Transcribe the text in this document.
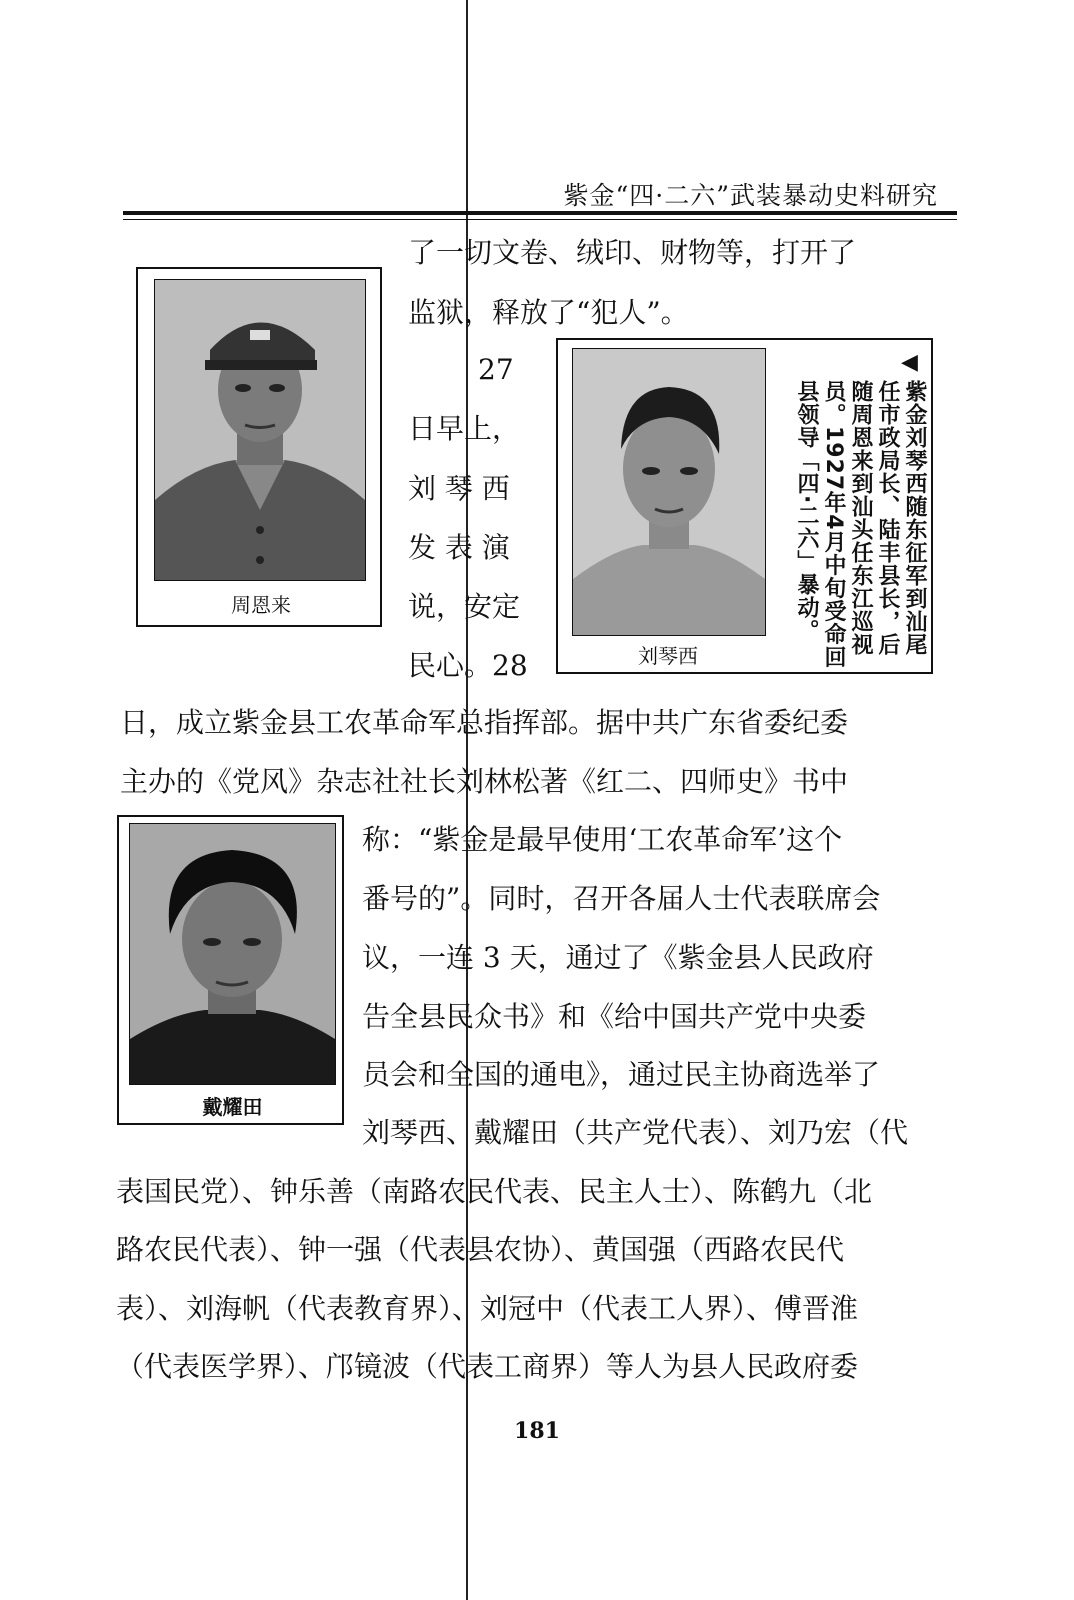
紫金“四·二六”武装暴动史料研究
周恩来
刘琴西
◀
紫金刘琴西随东征军到汕尾任市政局长、陆丰县长，后随周恩来到汕头任东江巡视员。1927年4月中旬受命回县领导「四·二六」暴动。
戴耀田
了一切文卷、绒印、财物等，打开了
监狱，释放了“犯人”。
27
日早上，
刘 琴 西
发 表 演
说，安定
民心。28
日，成立紫金县工农革命军总指挥部。据中共广东省委纪委
主办的《党风》杂志社社长刘林松著《红二、四师史》书中
称：“紫金是最早使用‘工农革命军’这个
番号的”。同时，召开各届人士代表联席会
议，一连 3 天，通过了《紫金县人民政府
告全县民众书》和《给中国共产党中央委
员会和全国的通电》，通过民主协商选举了
刘琴西、戴耀田（共产党代表）、刘乃宏（代
表国民党）、钟乐善（南路农民代表、民主人士）、陈鹤九（北
路农民代表）、钟一强（代表县农协）、黄国强（西路农民代
表）、刘海帆（代表教育界）、刘冠中（代表工人界）、傅晋淮
（代表医学界）、邝镜波（代表工商界）等人为县人民政府委
181
